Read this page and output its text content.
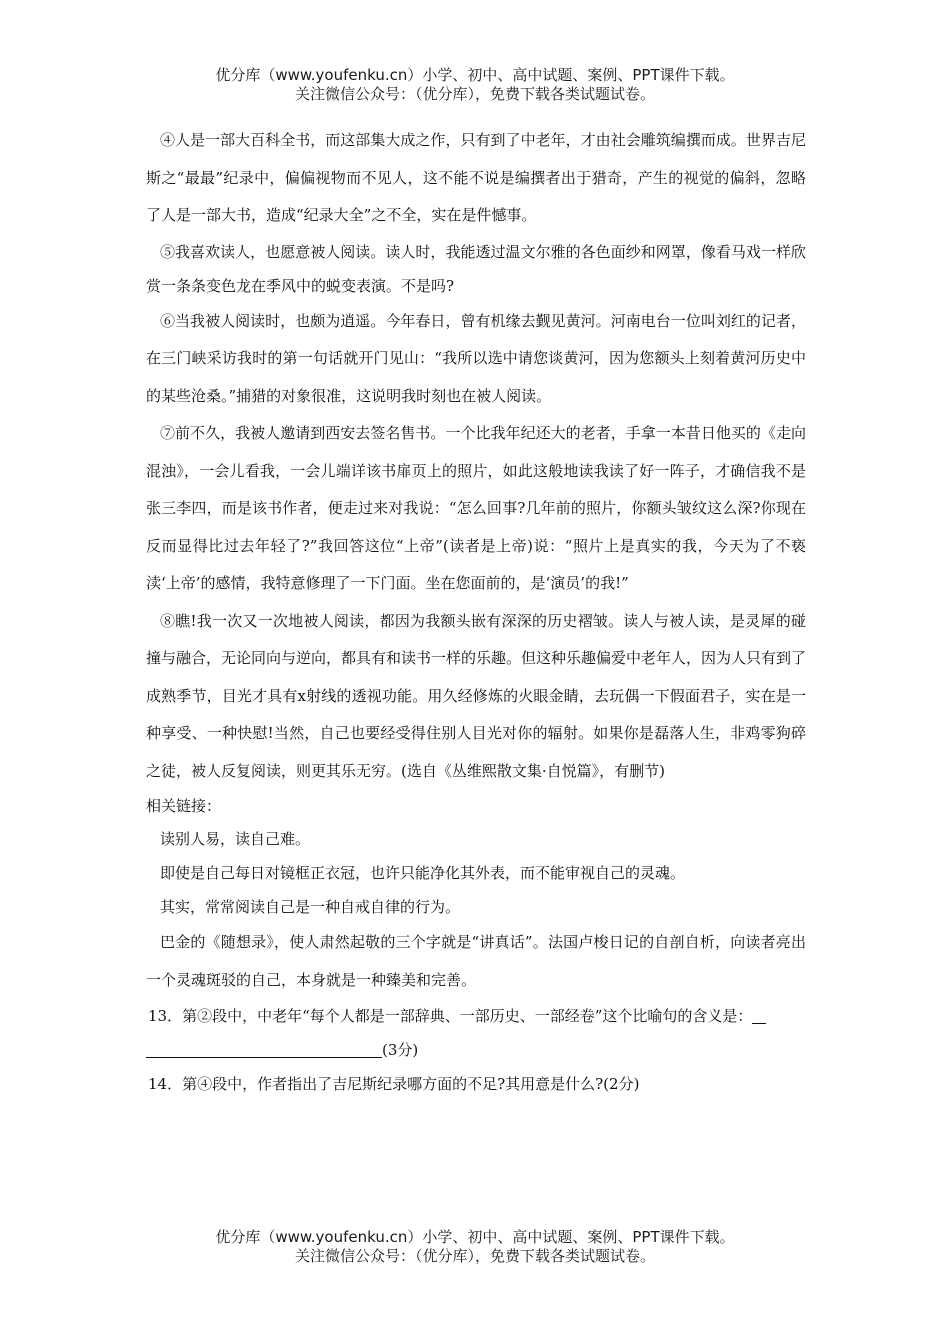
优分库（www.youfenku.cn）小学、初中、高中试题、案例、PPT课件下载。
关注微信公众号：（优分库），免费下载各类试题试卷。

④人是一部大百科全书，而这部集大成之作，只有到了中老年，才由社会雕筑编撰而成。世界吉尼斯之“最最”纪录中，偏偏视物而不见人，这不能不说是编撰者出于猎奇，产生的视觉的偏斜，忽略了人是一部大书，造成“纪录大全”之不全，实在是件憾事。

⑤我喜欢读人，也愿意被人阅读。读人时，我能透过温文尔雅的各色面纱和网罩，像看马戏一样欣赏一条条变色龙在季风中的蜕变表演。不是吗?

⑥当我被人阅读时，也颇为逍遥。今年春日，曾有机缘去觐见黄河。河南电台一位叫刘红的记者，在三门峡采访我时的第一句话就开门见山：“我所以选中请您谈黄河，因为您额头上刻着黄河历史中的某些沧桑。”捕猎的对象很准，这说明我时刻也在被人阅读。

⑦前不久，我被人邀请到西安去签名售书。一个比我年纪还大的老者，手拿一本昔日他买的《走向混浊》，一会儿看我，一会儿端详该书扉页上的照片，如此这般地读我读了好一阵子，才确信我不是张三李四，而是该书作者，便走过来对我说：“怎么回事?几年前的照片，你额头皱纹这么深?你现在反而显得比过去年轻了?”我回答这位“上帝”(读者是上帝)说：“照片上是真实的我，今天为了不亵渎‘上帝’的感情，我特意修理了一下门面。坐在您面前的，是‘演员’的我!”

⑧瞧!我一次又一次地被人阅读，都因为我额头嵌有深深的历史褶皱。读人与被人读，是灵犀的碰撞与融合，无论同向与逆向，都具有和读书一样的乐趣。但这种乐趣偏爱中老年人，因为人只有到了成熟季节，目光才具有x射线的透视功能。用久经修炼的火眼金睛，去玩偶一下假面君子，实在是一种享受、一种快慰!当然，自己也要经受得住别人目光对你的辐射。如果你是磊落人生，非鸡零狗碎之徒，被人反复阅读，则更其乐无穷。(选自《丛维熙散文集·自悦篇》，有删节)

相关链接：

读别人易，读自己难。

即使是自己每日对镜框正衣冠，也许只能净化其外表，而不能审视自己的灵魂。

其实，常常阅读自己是一种自戒自律的行为。

巴金的《随想录》，使人肃然起敬的三个字就是“讲真话”。法国卢梭日记的自剖自析，向读者亮出一个灵魂斑驳的自己，本身就是一种臻美和完善。

13．第②段中，中老年“每个人都是一部辞典、一部历史、一部经卷”这个比喻句的含义是：

(3分)

14．第④段中，作者指出了吉尼斯纪录哪方面的不足?其用意是什么?(2分)

优分库（www.youfenku.cn）小学、初中、高中试题、案例、PPT课件下载。
关注微信公众号：（优分库），免费下载各类试题试卷。
